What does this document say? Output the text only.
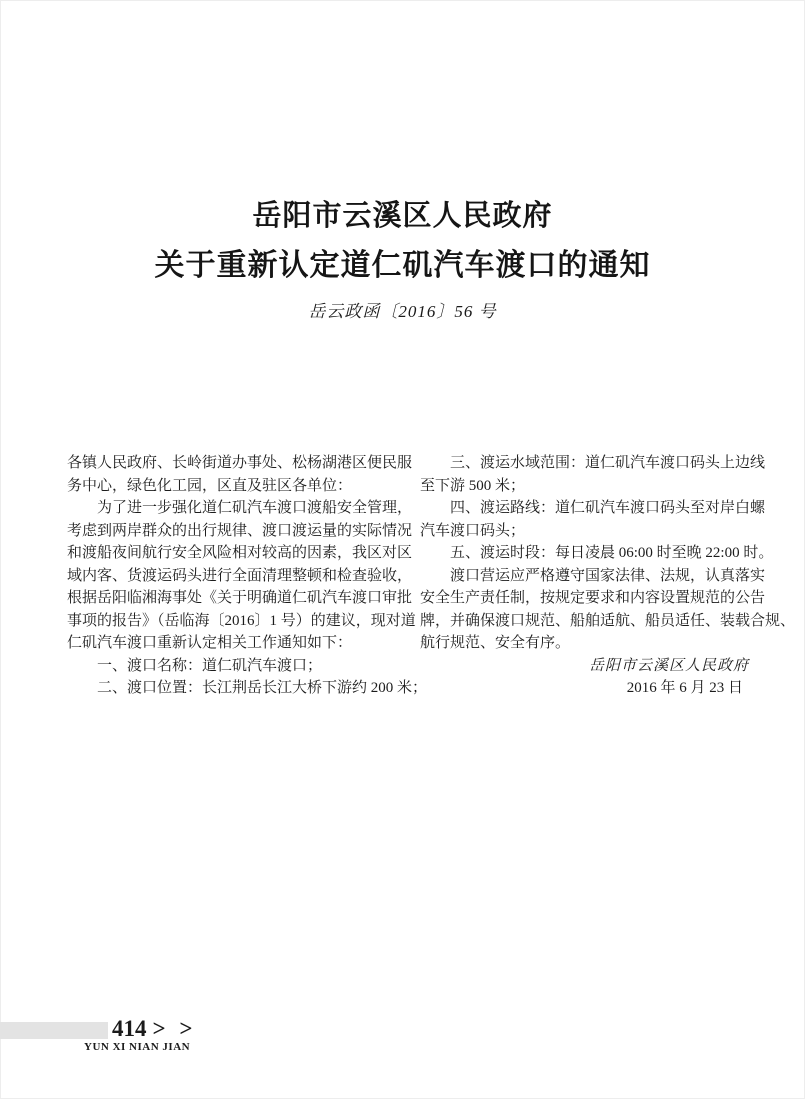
岳阳市云溪区人民政府
关于重新认定道仁矶汽车渡口的通知
岳云政函〔2016〕56 号
各镇人民政府、长岭街道办事处、松杨湖港区便民服
务中心，绿色化工园，区直及驻区各单位：
　　为了进一步强化道仁矶汽车渡口渡船安全管理，
考虑到两岸群众的出行规律、渡口渡运量的实际情况
和渡船夜间航行安全风险相对较高的因素，我区对区
域内客、货渡运码头进行全面清理整顿和检查验收，
根据岳阳临湘海事处《关于明确道仁矶汽车渡口审批
事项的报告》（岳临海〔2016〕1 号）的建议，现对道
仁矶汽车渡口重新认定相关工作通知如下：
　　一、渡口名称：道仁矶汽车渡口；
　　二、渡口位置：长江荆岳长江大桥下游约 200 米；
　　三、渡运水域范围：道仁矶汽车渡口码头上边线
至下游 500 米；
　　四、渡运路线：道仁矶汽车渡口码头至对岸白螺
汽车渡口码头；
　　五、渡运时段：每日凌晨 06:00 时至晚 22:00 时。
　　渡口营运应严格遵守国家法律、法规，认真落实
安全生产责任制，按规定要求和内容设置规范的公告
牌，并确保渡口规范、船舶适航、船员适任、装载合规、
航行规范、安全有序。
岳阳市云溪区人民政府
2016 年 6 月 23 日
414 > >
YUN XI NIAN JIAN
